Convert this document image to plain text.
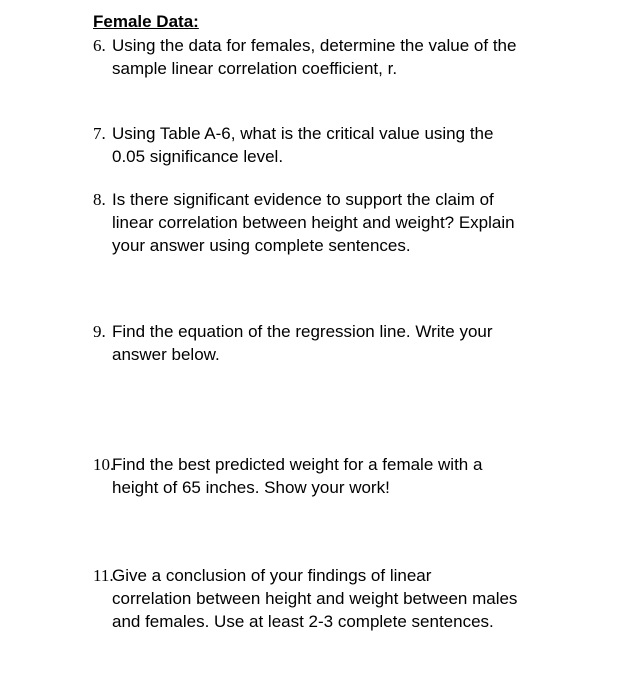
Female Data:
6. Using the data for females, determine the value of the
sample linear correlation coefficient, r.
7. Using Table A-6, what is the critical value using the
0.05 significance level.
8. Is there significant evidence to support the claim of
linear correlation between height and weight? Explain
your answer using complete sentences.
9. Find the equation of the regression line. Write your
answer below.
10.
Find the best predicted weight for a female with a
height of 65 inches. Show your work!
11.
Give a conclusion of your findings of linear
correlation between height and weight between males
and females. Use at least 2-3 complete sentences.
